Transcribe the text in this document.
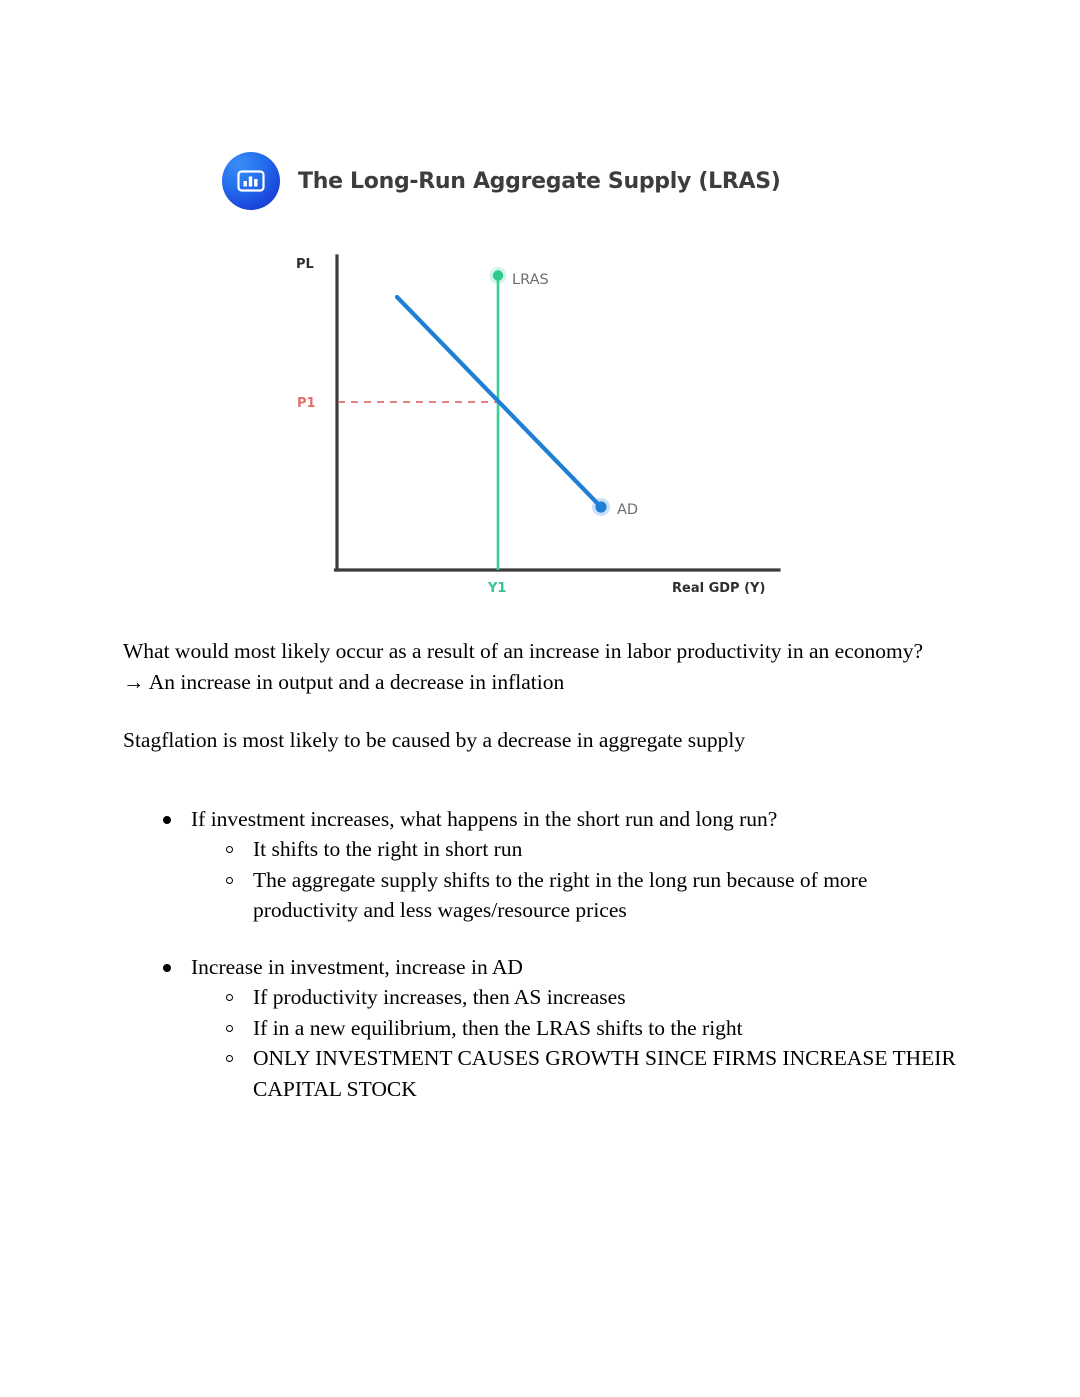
The Long-Run Aggregate Supply (LRAS)
PL
Real GDP (Y)
LRAS
AD
P1
Y1

What would most likely occur as a result of an increase in labor productivity in an economy?

→ An increase in output and a decrease in inflation

Stagflation is most likely to be caused by a decrease in aggregate supply

If investment increases, what happens in the short run and long run?
It shifts to the right in short run
The aggregate supply shifts to the right in the long run because of more productivity and less wages/resource prices
Increase in investment, increase in AD
If productivity increases, then AS increases
If in a new equilibrium, then the LRAS shifts to the right
ONLY INVESTMENT CAUSES GROWTH SINCE FIRMS INCREASE THEIR CAPITAL STOCK
